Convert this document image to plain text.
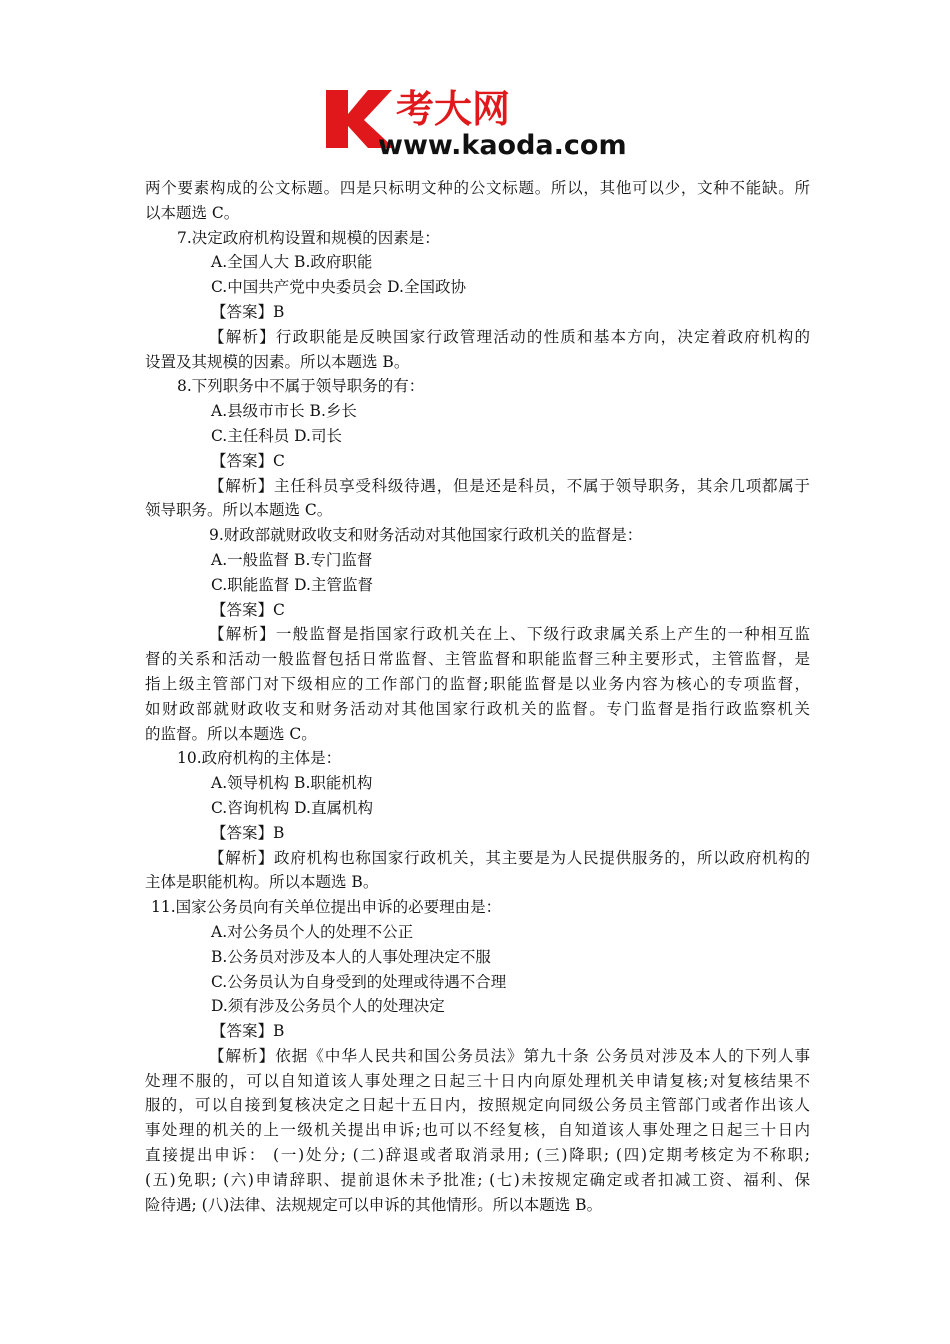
考大网
www.kaoda.com
两个要素构成的公文标题。四是只标明文种的公文标题。所以，其他可以少，文种不能缺。所
以本题选 C。
7.决定政府机构设置和规模的因素是：
A.全国人大 B.政府职能
C.中国共产党中央委员会 D.全国政协
【答案】B
【解析】行政职能是反映国家行政管理活动的性质和基本方向，决定着政府机构的
设置及其规模的因素。所以本题选 B。
8.下列职务中不属于领导职务的有：
A.县级市市长 B.乡长
C.主任科员 D.司长
【答案】C
【解析】主任科员享受科级待遇，但是还是科员，不属于领导职务，其余几项都属于
领导职务。所以本题选 C。
9.财政部就财政收支和财务活动对其他国家行政机关的监督是：
A.一般监督 B.专门监督
C.职能监督 D.主管监督
【答案】C
【解析】一般监督是指国家行政机关在上、下级行政隶属关系上产生的一种相互监
督的关系和活动一般监督包括日常监督、主管监督和职能监督三种主要形式，主管监督，是
指上级主管部门对下级相应的工作部门的监督;职能监督是以业务内容为核心的专项监督，
如财政部就财政收支和财务活动对其他国家行政机关的监督。专门监督是指行政监察机关
的监督。所以本题选 C。
10.政府机构的主体是：
A.领导机构 B.职能机构
C.咨询机构 D.直属机构
【答案】B
【解析】政府机构也称国家行政机关，其主要是为人民提供服务的，所以政府机构的
主体是职能机构。所以本题选 B。
11.国家公务员向有关单位提出申诉的必要理由是：
A.对公务员个人的处理不公正
B.公务员对涉及本人的人事处理决定不服
C.公务员认为自身受到的处理或待遇不合理
D.须有涉及公务员个人的处理决定
【答案】B
【解析】依据《中华人民共和国公务员法》第九十条 公务员对涉及本人的下列人事
处理不服的，可以自知道该人事处理之日起三十日内向原处理机关申请复核;对复核结果不
服的，可以自接到复核决定之日起十五日内，按照规定向同级公务员主管部门或者作出该人
事处理的机关的上一级机关提出申诉;也可以不经复核，自知道该人事处理之日起三十日内
直接提出申诉： (一)处分; (二)辞退或者取消录用; (三)降职; (四)定期考核定为不称职;
(五)免职; (六)申请辞职、提前退休未予批准; (七)未按规定确定或者扣减工资、福利、保
险待遇; (八)法律、法规规定可以申诉的其他情形。所以本题选 B。
